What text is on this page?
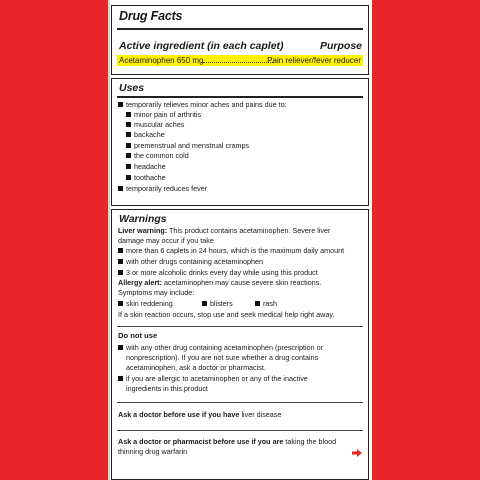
Drug Facts
Active ingredient (in each caplet)	Purpose
Acetaminophen 650 mg	Pain reliever/fever reducer
Uses
temporarily relieves minor aches and pains due to:
minor pain of arthritis
muscular aches
backache
premenstrual and menstrual cramps
the common cold
headache
toothache
temporarily reduces fever
Warnings
Liver warning: This product contains acetaminophen. Severe liver
damage may occur if you take
more than 6 caplets in 24 hours, which is the maximum daily amount
with other drugs containing acetaminophen
3 or more alcoholic drinks every day while using this product
Allergy alert: acetaminophen may cause severe skin reactions.
Symptoms may include:
skin reddening	blisters	rash
If a skin reaction occurs, stop use and seek medical help right away.
Do not use
with any other drug containing acetaminophen (prescription or
nonprescription). If you are not sure whether a drug contains
acetaminophen, ask a doctor or pharmacist.
if you are allergic to acetaminophen or any of the inactive
ingredients in this product
Ask a doctor before use if you have liver disease
Ask a doctor or pharmacist before use if you are taking the blood
thinning drug warfarin
